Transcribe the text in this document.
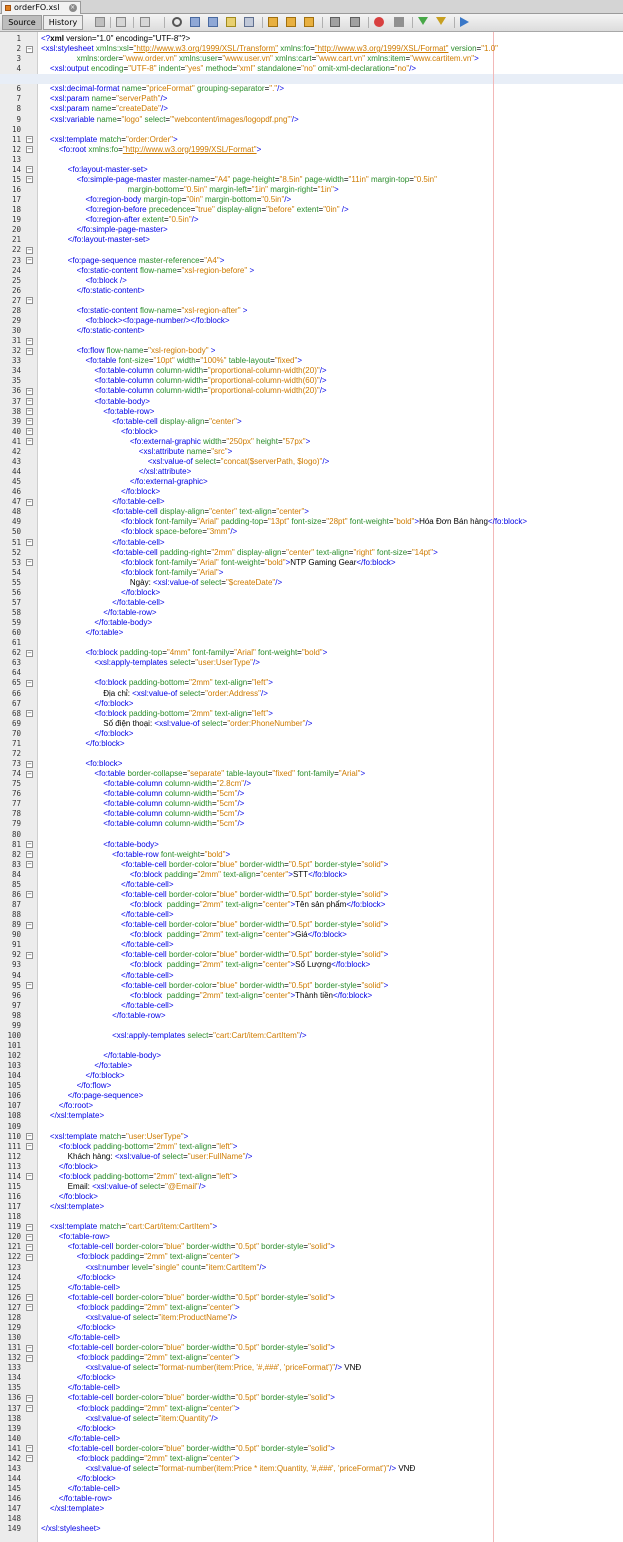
orderFO.xsl ×
Source	History
1
2 −
3
4
6
7
8
9
10
11 −
12 −
13
14 −
15 −
16
17
18
19
20
21
22 −
23 −
24
25
26
27 −
28
29
30
31 −
32 −
33
34
35
36 −
37 −
38 −
39 −
40 −
41 −
42
43
44
45
46
47 −
48
49
50
51 −
52
53 −
54
55
56
57
58
59
60
61
62 −
63
64
65 −
66
67
68 −
69
70
71
72
73 −
74 −
75
76
77
78
79
80
81 −
82 −
83 −
84
85
86 −
87
88
89 −
90
91
92 −
93
94
95 −
96
97
98
99
100
101
102
103
104
105
106
107
108
109
110 −
111 −
112
113
114 −
115
116
117
118
119 −
120 −
121 −
122 −
123
124
125
126 −
127 −
128
129
130
131 −
132 −
133
134
135
136 −
137 −
138
139
140
141 −
142 −
143
144
145
146
147
148
149
<?xml version="1.0" encoding="UTF-8"?>
<xsl:stylesheet xmlns:xsl="http://www.w3.org/1999/XSL/Transform" xmlns:fo="http://www.w3.org/1999/XSL/Format" version="1.0"
xmlns:order="www.order.vn" xmlns:user="www.user.vn" xmlns:cart="www.cart.vn" xmlns:item="www.cartitem.vn">
<xsl:output encoding="UTF-8" indent="yes" method="xml" standalone="no" omit-xml-declaration="no"/>
<xsl:decimal-format name="priceFormat" grouping-separator="."/>
<xsl:param name="serverPath"/>
<xsl:param name="createDate"/>
<xsl:variable name="logo" select="'webcontent/images/logopdf.png'"/>
<xsl:template match="order:Order">
<fo:root xmlns:fo="http://www.w3.org/1999/XSL/Format">
<fo:layout-master-set>
<fo:simple-page-master master-name="A4" page-height="8.5in" page-width="11in" margin-top="0.5in"
margin-bottom="0.5in" margin-left="1in" margin-right="1in">
<fo:region-body margin-top="0in" margin-bottom="0.5in"/>
<fo:region-before precedence="true" display-align="before" extent="0in" />
<fo:region-after extent="0.5in"/>
</fo:simple-page-master>
</fo:layout-master-set>
<fo:page-sequence master-reference="A4">
<fo:static-content flow-name="xsl-region-before" >
<fo:block />
</fo:static-content>
<fo:static-content flow-name="xsl-region-after" >
<fo:block><fo:page-number/></fo:block>
</fo:static-content>
<fo:flow flow-name="xsl-region-body" >
<fo:table font-size="10pt" width="100%" table-layout="fixed">
<fo:table-column column-width="proportional-column-width(20)"/>
<fo:table-column column-width="proportional-column-width(60)"/>
<fo:table-column column-width="proportional-column-width(20)"/>
<fo:table-body>
<fo:table-row>
<fo:table-cell display-align="center">
<fo:block>
<fo:external-graphic width="250px" height="57px">
<xsl:attribute name="src">
<xsl:value-of select="concat($serverPath, $logo)"/>
</xsl:attribute>
</fo:external-graphic>
</fo:block>
</fo:table-cell>
<fo:table-cell display-align="center" text-align="center">
<fo:block font-family="Arial" padding-top="13pt" font-size="28pt" font-weight="bold">Hóa Đơn Bán hàng</fo:block>
<fo:block space-before="3mm"/>
</fo:table-cell>
<fo:table-cell padding-right="2mm" display-align="center" text-align="right" font-size="14pt">
<fo:block font-family="Arial" font-weight="bold">NTP Gaming Gear</fo:block>
<fo:block font-family="Arial">
Ngày: <xsl:value-of select="$createDate"/>
</fo:block>
</fo:table-cell>
</fo:table-row>
</fo:table-body>
</fo:table>
<fo:block padding-top="4mm" font-family="Arial" font-weight="bold">
<xsl:apply-templates select="user:UserType"/>
<fo:block padding-bottom="2mm" text-align="left">
Địa chỉ: <xsl:value-of select="order:Address"/>
</fo:block>
<fo:block padding-bottom="2mm" text-align="left">
Số điện thoại: <xsl:value-of select="order:PhoneNumber"/>
</fo:block>
</fo:block>
<fo:block>
<fo:table border-collapse="separate" table-layout="fixed" font-family="Arial">
<fo:table-column column-width="2.8cm"/>
<fo:table-column column-width="5cm"/>
<fo:table-column column-width="5cm"/>
<fo:table-column column-width="5cm"/>
<fo:table-column column-width="5cm"/>
<fo:table-body>
<fo:table-row font-weight="bold">
<fo:table-cell border-color="blue" border-width="0.5pt" border-style="solid">
<fo:block padding="2mm" text-align="center">STT</fo:block>
</fo:table-cell>
<fo:table-cell border-color="blue" border-width="0.5pt" border-style="solid">
<fo:block  padding="2mm" text-align="center">Tên sản phẩm</fo:block>
</fo:table-cell>
<fo:table-cell border-color="blue" border-width="0.5pt" border-style="solid">
<fo:block  padding="2mm" text-align="center">Giá</fo:block>
</fo:table-cell>
<fo:table-cell border-color="blue" border-width="0.5pt" border-style="solid">
<fo:block  padding="2mm" text-align="center">Số Lượng</fo:block>
</fo:table-cell>
<fo:table-cell border-color="blue" border-width="0.5pt" border-style="solid">
<fo:block  padding="2mm" text-align="center">Thành tiền</fo:block>
</fo:table-cell>
</fo:table-row>
<xsl:apply-templates select="cart:Cart/item:CartItem"/>
</fo:table-body>
</fo:table>
</fo:block>
</fo:flow>
</fo:page-sequence>
</fo:root>
</xsl:template>
<xsl:template match="user:UserType">
<fo:block padding-bottom="2mm" text-align="left">
Khách hàng: <xsl:value-of select="user:FullName"/>
</fo:block>
<fo:block padding-bottom="2mm" text-align="left">
Email: <xsl:value-of select="@Email"/>
</fo:block>
</xsl:template>
<xsl:template match="cart:Cart/item:CartItem">
<fo:table-row>
<fo:table-cell border-color="blue" border-width="0.5pt" border-style="solid">
<fo:block padding="2mm" text-align="center">
<xsl:number level="single" count="item:CartItem"/>
</fo:block>
</fo:table-cell>
<fo:table-cell border-color="blue" border-width="0.5pt" border-style="solid">
<fo:block padding="2mm" text-align="center">
<xsl:value-of select="item:ProductName"/>
</fo:block>
</fo:table-cell>
<fo:table-cell border-color="blue" border-width="0.5pt" border-style="solid">
<fo:block padding="2mm" text-align="center">
<xsl:value-of select="format-number(item:Price, '#,###', 'priceFormat')"/> VNĐ
</fo:block>
</fo:table-cell>
<fo:table-cell border-color="blue" border-width="0.5pt" border-style="solid">
<fo:block padding="2mm" text-align="center">
<xsl:value-of select="item:Quantity"/>
</fo:block>
</fo:table-cell>
<fo:table-cell border-color="blue" border-width="0.5pt" border-style="solid">
<fo:block padding="2mm" text-align="center">
<xsl:value-of select="format-number(item:Price * item:Quantity, '#,###', 'priceFormat')"/> VNĐ
</fo:block>
</fo:table-cell>
</fo:table-row>
</xsl:template>
</xsl:stylesheet>
